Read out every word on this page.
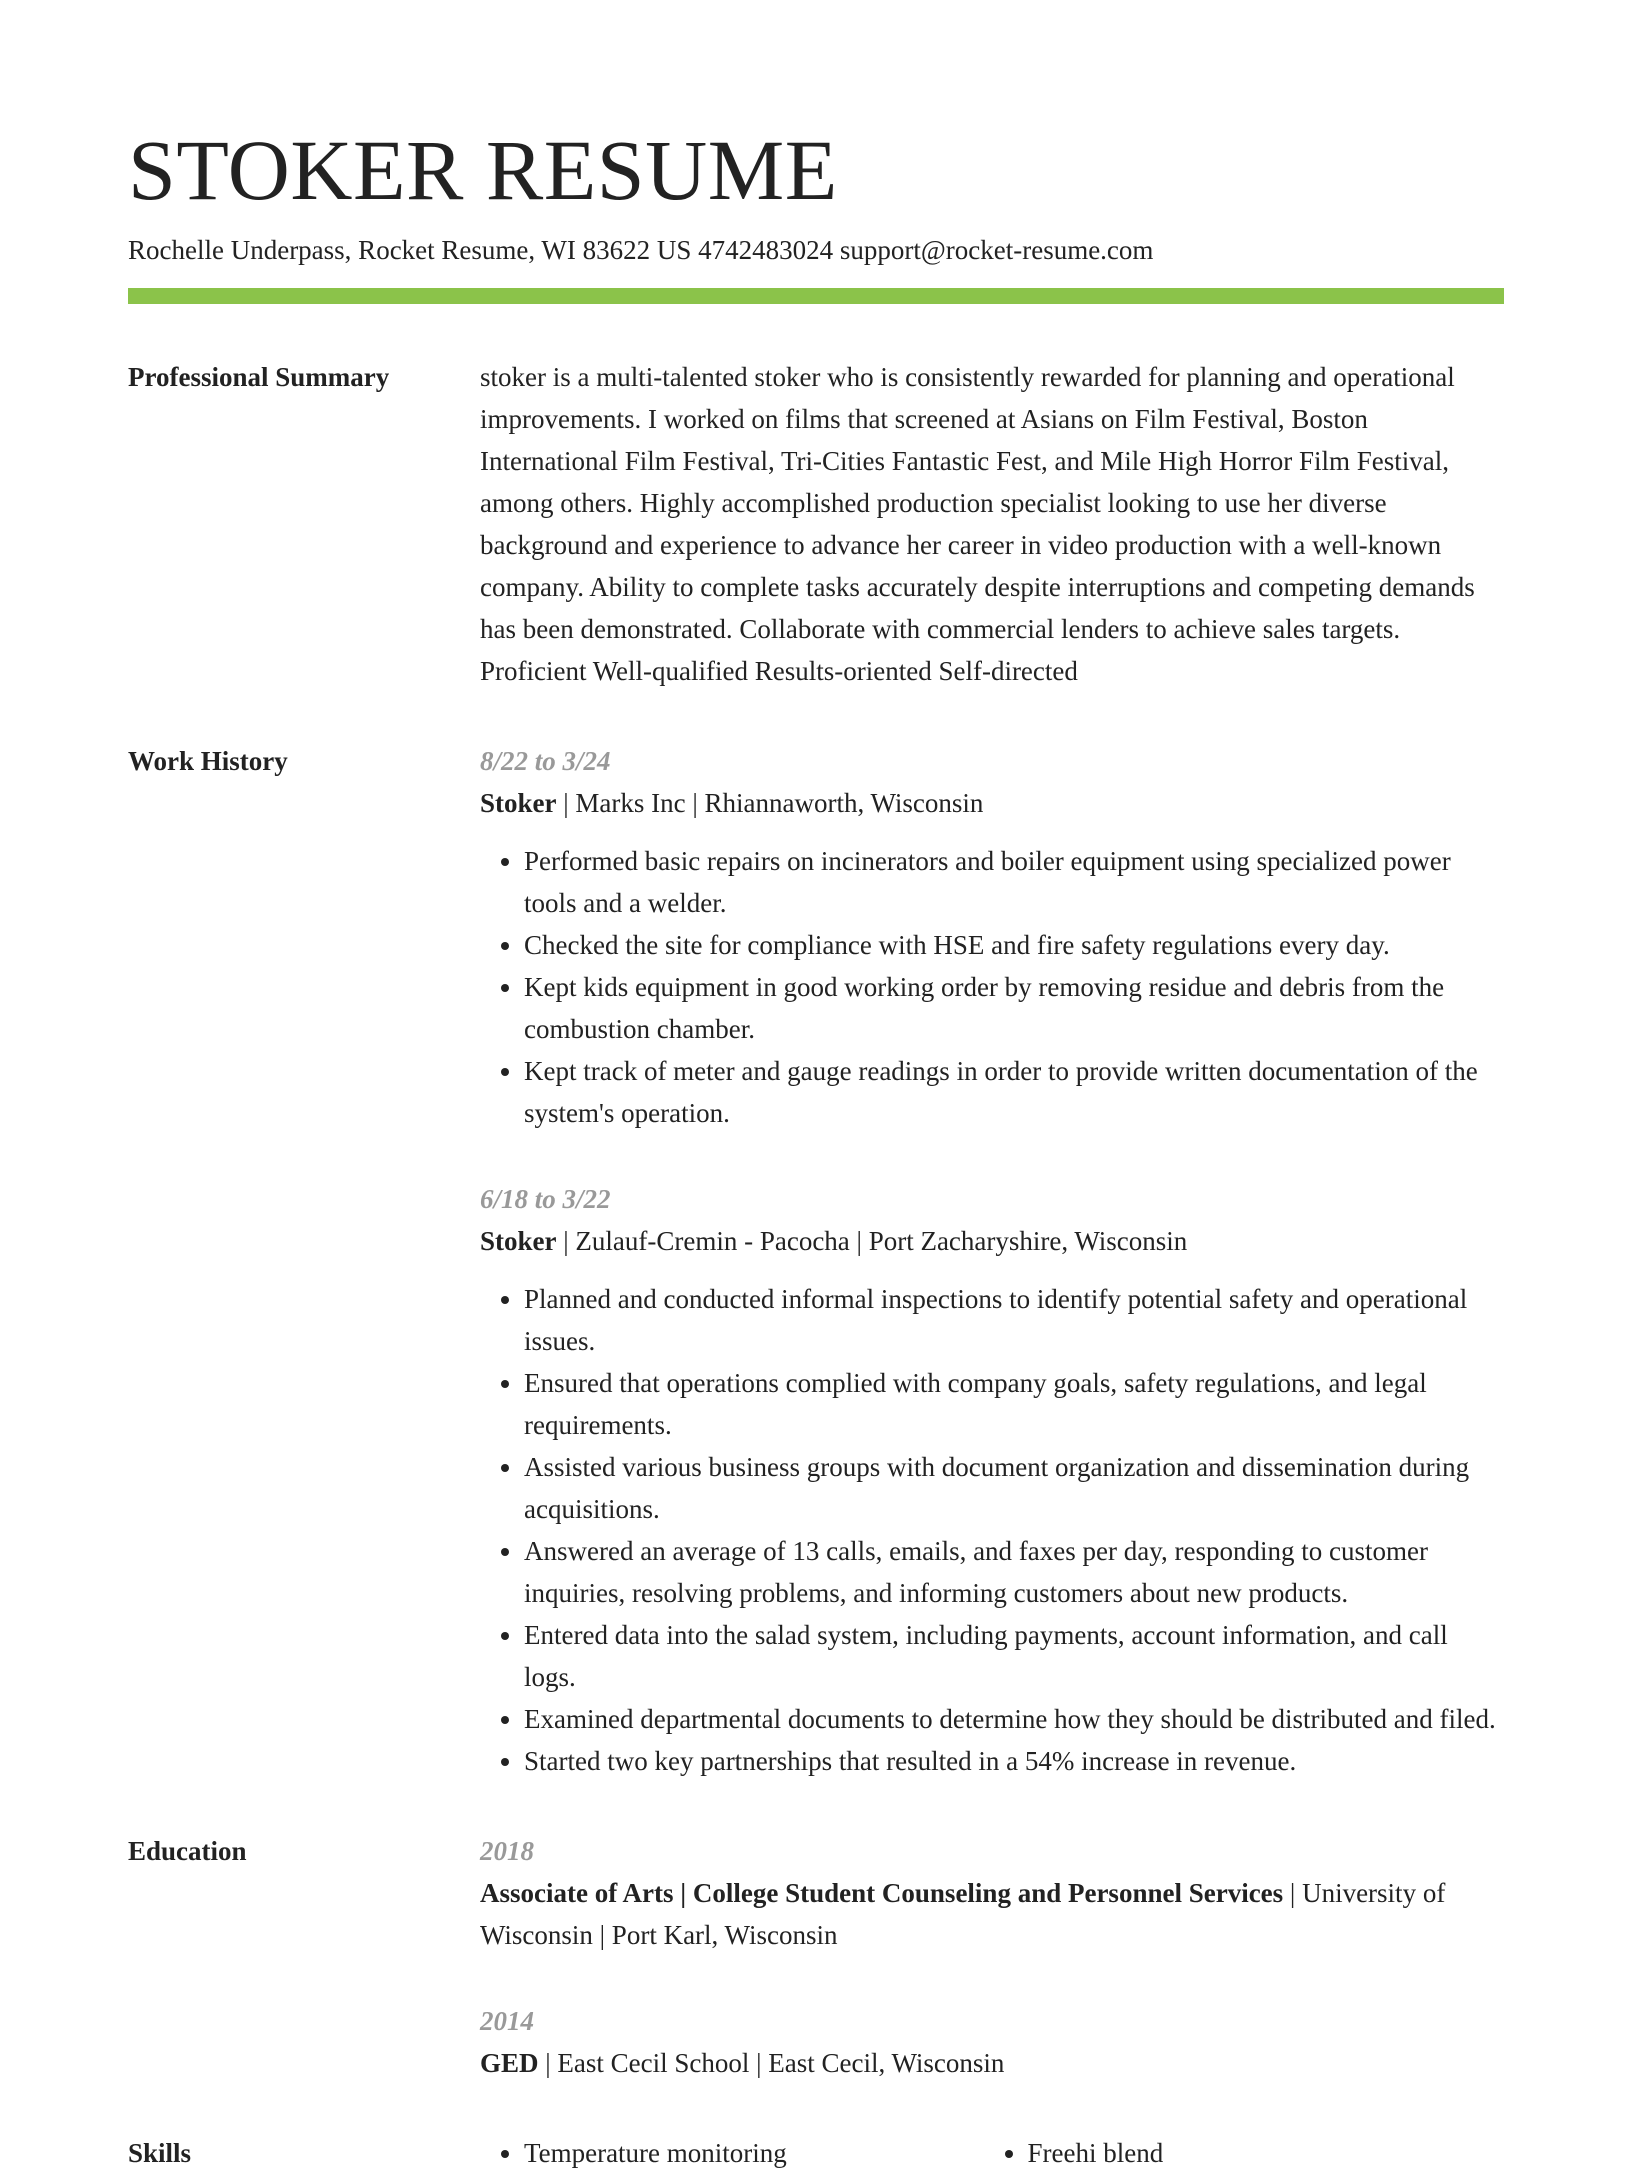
STOKER RESUME
Rochelle Underpass, Rocket Resume, WI 83622 US 4742483024 support@rocket-resume.com
Professional Summary	stoker is a multi-talented stoker who is consistently rewarded for planning and operational improvements. I worked on films that screened at Asians on Film Festival, Boston International Film Festival, Tri-Cities Fantastic Fest, and Mile High Horror Film Festival, among others. Highly accomplished production specialist looking to use her diverse background and experience to advance her career in video production with a well-known company. Ability to complete tasks accurately despite interruptions and competing demands has been demonstrated. Collaborate with commercial lenders to achieve sales targets. Proficient Well-qualified Results-oriented Self-directed

Work History	8/22 to 3/24
Stoker | Marks Inc | Rhiannaworth, Wisconsin
• Performed basic repairs on incinerators and boiler equipment using specialized power tools and a welder.
• Checked the site for compliance with HSE and fire safety regulations every day.
• Kept kids equipment in good working order by removing residue and debris from the combustion chamber.
• Kept track of meter and gauge readings in order to provide written documentation of the system's operation.
6/18 to 3/22
Stoker | Zulauf-Cremin - Pacocha | Port Zacharyshire, Wisconsin
• Planned and conducted informal inspections to identify potential safety and operational issues.
• Ensured that operations complied with company goals, safety regulations, and legal requirements.
• Assisted various business groups with document organization and dissemination during acquisitions.
• Answered an average of 13 calls, emails, and faxes per day, responding to customer inquiries, resolving problems, and informing customers about new products.
• Entered data into the salad system, including payments, account information, and call logs.
• Examined departmental documents to determine how they should be distributed and filed.
• Started two key partnerships that resulted in a 54% increase in revenue.
Education	2018
Associate of Arts | College Student Counseling and Personnel Services | University of Wisconsin | Port Karl, Wisconsin
2014
GED | East Cecil School | East Cecil, Wisconsin
Skills	• Temperature monitoring	• Freehi blend
